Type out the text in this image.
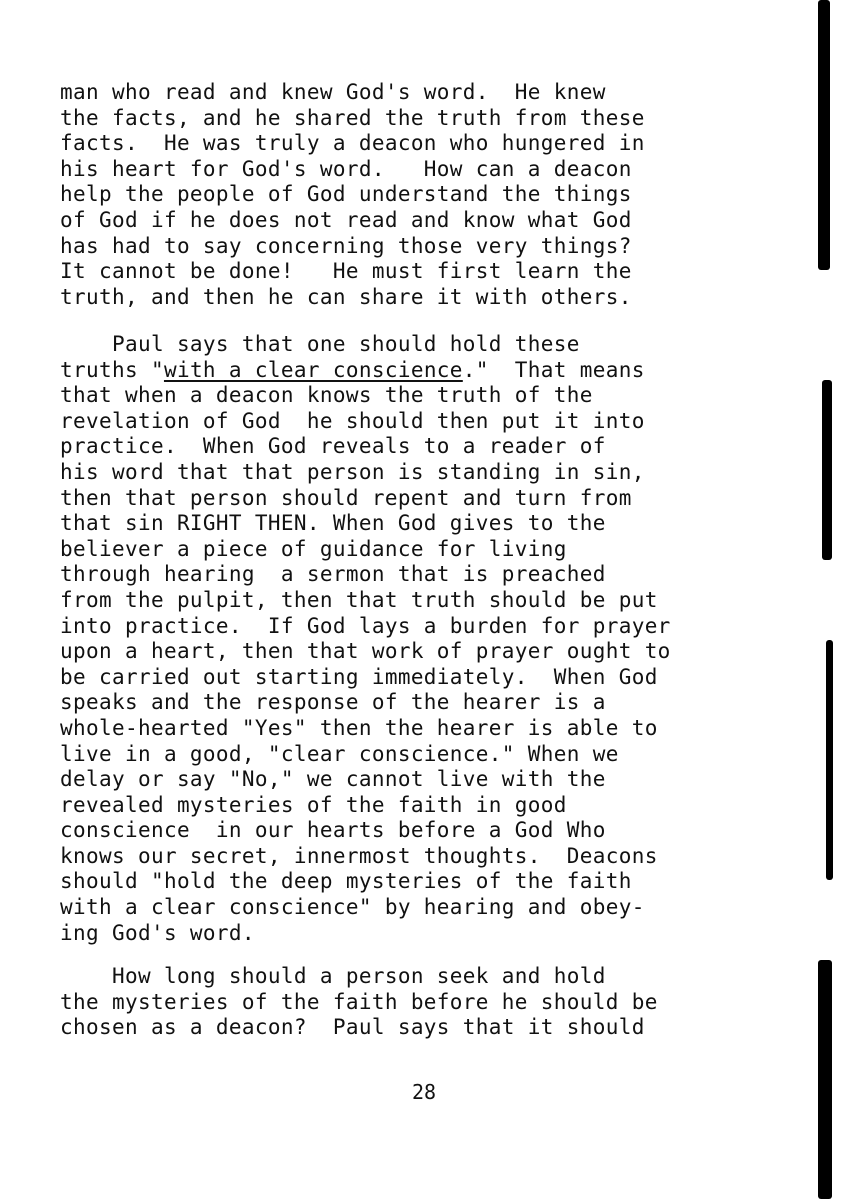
man who read and knew God's word.  He knew
the facts, and he shared the truth from these
facts.  He was truly a deacon who hungered in
his heart for God's word.   How can a deacon
help the people of God understand the things
of God if he does not read and know what God
has had to say concerning those very things?
It cannot be done!   He must first learn the
truth, and then he can share it with others.
Paul says that one should hold these
truths "with a clear conscience."  That means
that when a deacon knows the truth of the
revelation of God  he should then put it into
practice.  When God reveals to a reader of
his word that that person is standing in sin,
then that person should repent and turn from
that sin RIGHT THEN. When God gives to the
believer a piece of guidance for living
through hearing  a sermon that is preached
from the pulpit, then that truth should be put
into practice.  If God lays a burden for prayer
upon a heart, then that work of prayer ought to
be carried out starting immediately.  When God
speaks and the response of the hearer is a
whole-hearted "Yes" then the hearer is able to
live in a good, "clear conscience." When we
delay or say "No," we cannot live with the
revealed mysteries of the faith in good
conscience  in our hearts before a God Who
knows our secret, innermost thoughts.  Deacons
should "hold the deep mysteries of the faith
with a clear conscience" by hearing and obey-
ing God's word.
How long should a person seek and hold
the mysteries of the faith before he should be
chosen as a deacon?  Paul says that it should
28
